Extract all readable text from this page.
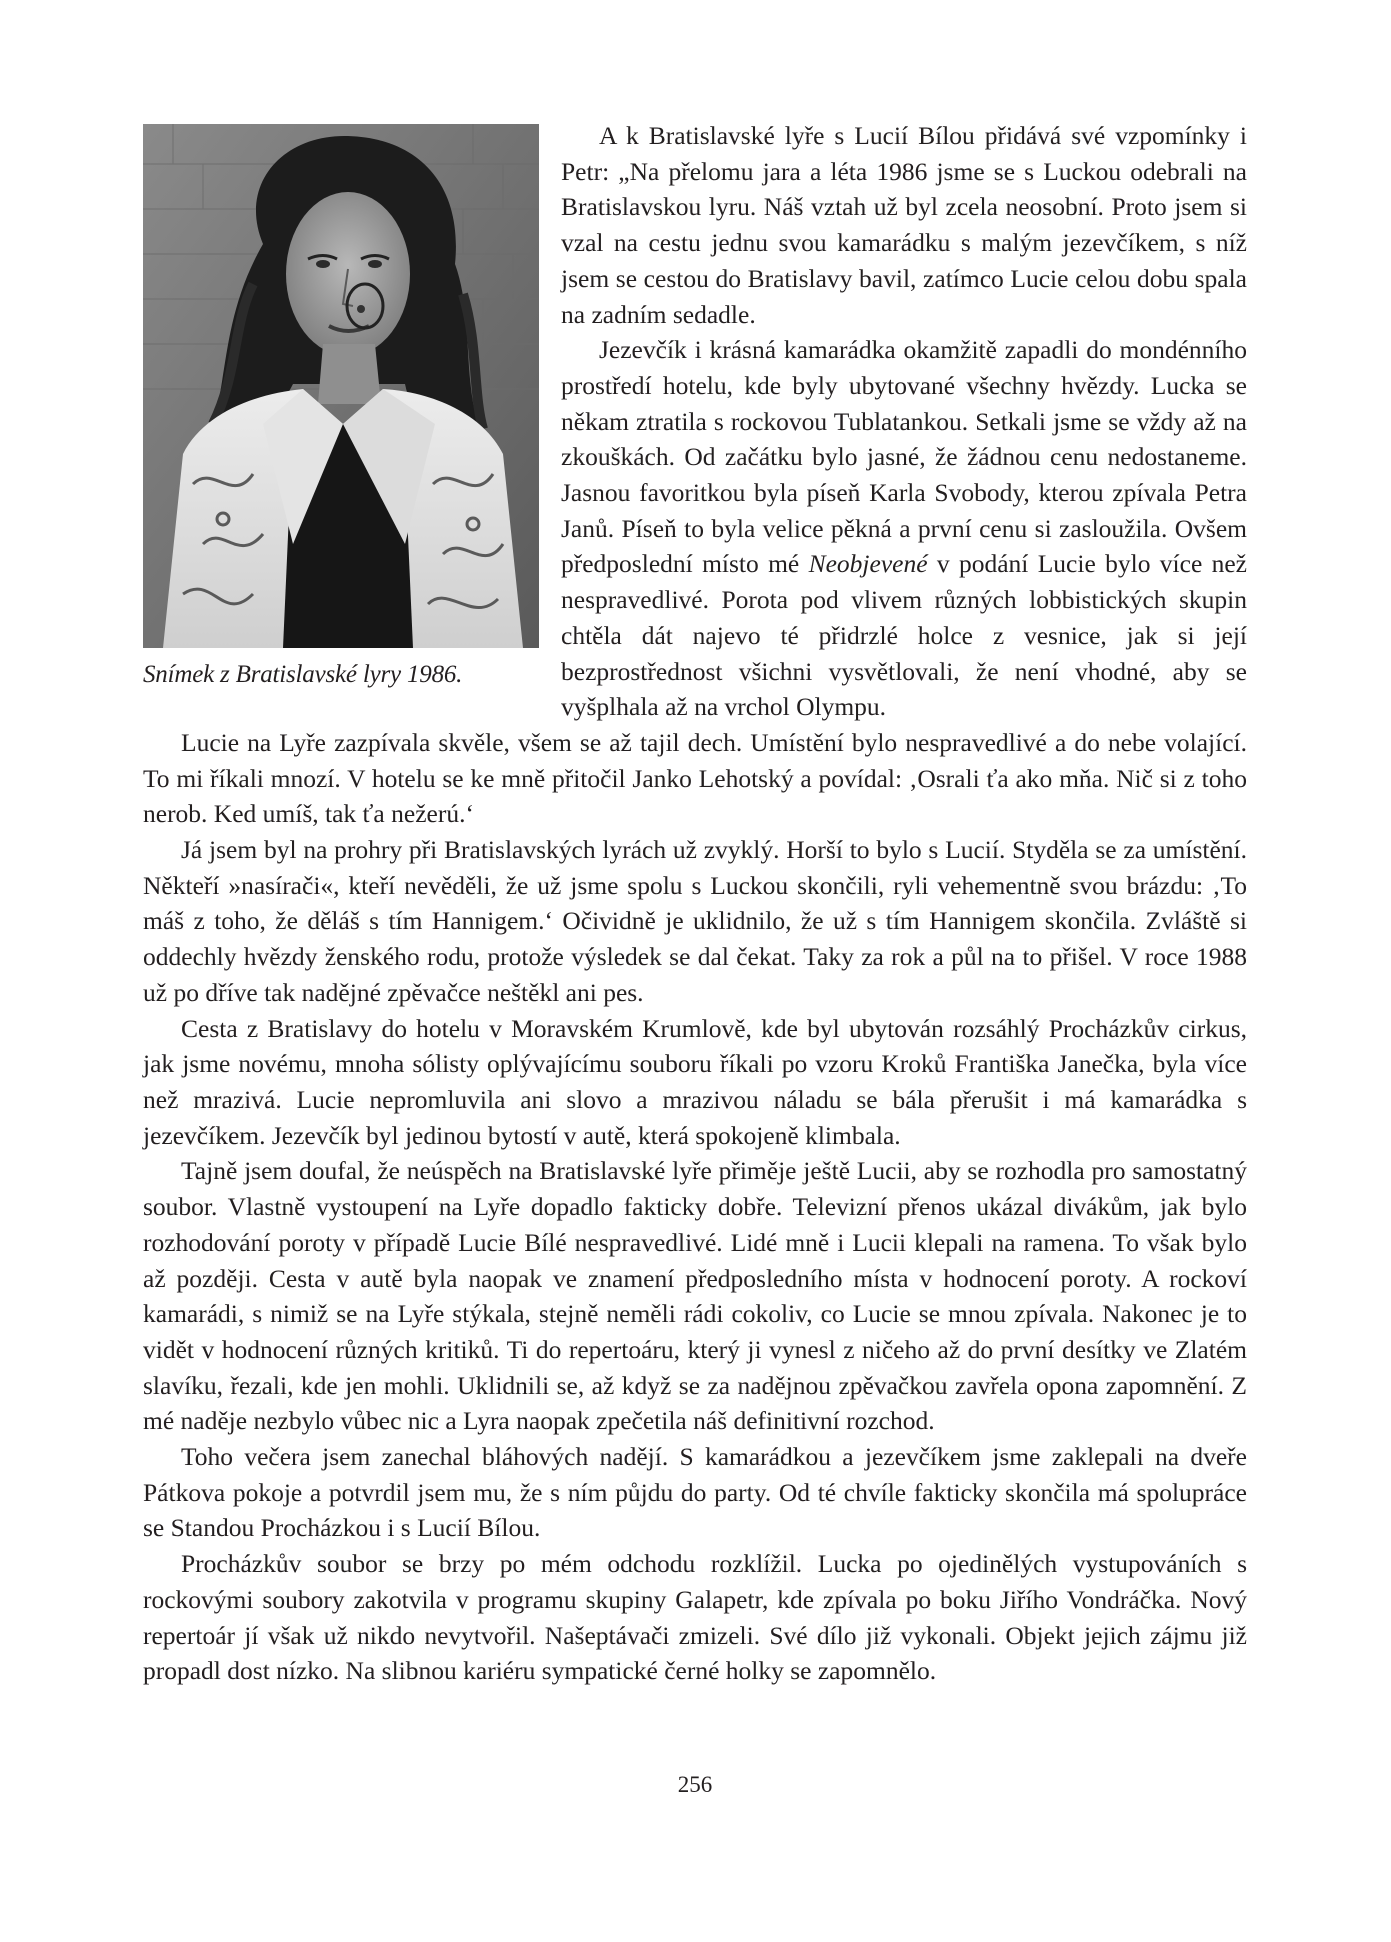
Snímek z Bratislavské lyry 1986.

A k Bratislavské lyře s Lucií Bílou přidává své vzpomínky i Petr: „Na přelomu jara a léta 1986 jsme se s Luckou odebrali na Bratislavskou lyru. Náš vztah už byl zcela neosobní. Proto jsem si vzal na cestu jednu svou kamarádku s malým jezevčíkem, s níž jsem se cestou do Bratislavy bavil, zatímco Lucie celou dobu spala na zadním sedadle.

Jezevčík i krásná kamarádka okamžitě zapadli do mondénního prostředí hotelu, kde byly ubytované všechny hvězdy. Lucka se někam ztratila s rockovou Tublatankou. Setkali jsme se vždy až na zkouškách. Od začátku bylo jasné, že žádnou cenu nedostaneme. Jasnou favoritkou byla píseň Karla Svobody, kterou zpívala Petra Janů. Píseň to byla velice pěkná a první cenu si zasloužila. Ovšem předposlední místo mé Neobjevené v podání Lucie bylo více než nespravedlivé. Porota pod vlivem různých lobbistických skupin chtěla dát najevo té přidrzlé holce z vesnice, jak si její bezprostřednost všichni vysvětlovali, že není vhodné, aby se vyšplhala až na vrchol Olympu.

Lucie na Lyře zazpívala skvěle, všem se až tajil dech. Umístění bylo nespravedlivé a do nebe volající. To mi říkali mnozí. V hotelu se ke mně přitočil Janko Lehotský a povídal: ‚Osrali ťa ako mňa. Nič si z toho nerob. Ked umíš, tak ťa nežerú.‘

Já jsem byl na prohry při Bratislavských lyrách už zvyklý. Horší to bylo s Lucií. Styděla se za umístění. Někteří »nasírači«, kteří nevěděli, že už jsme spolu s Luckou skončili, ryli vehementně svou brázdu: ‚To máš z toho, že děláš s tím Hannigem.‘ Očividně je uklidnilo, že už s tím Hannigem skončila. Zvláště si oddechly hvězdy ženského rodu, protože výsledek se dal čekat. Taky za rok a půl na to přišel. V roce 1988 už po dříve tak nadějné zpěvačce neštěkl ani pes.

Cesta z Bratislavy do hotelu v Moravském Krumlově, kde byl ubytován rozsáhlý Procházkův cirkus, jak jsme novému, mnoha sólisty oplývajícímu souboru říkali po vzoru Kroků Františka Janečka, byla více než mrazivá. Lucie nepromluvila ani slovo a mrazivou náladu se bála přerušit i má kamarádka s jezevčíkem. Jezevčík byl jedinou bytostí v autě, která spokojeně klimbala.

Tajně jsem doufal, že neúspěch na Bratislavské lyře přiměje ještě Lucii, aby se rozhodla pro samostatný soubor. Vlastně vystoupení na Lyře dopadlo fakticky dobře. Televizní přenos ukázal divákům, jak bylo rozhodování poroty v případě Lucie Bílé nespravedlivé. Lidé mně i Lucii klepali na ramena. To však bylo až později. Cesta v autě byla naopak ve znamení předposledního místa v hodnocení poroty. A rockoví kamarádi, s nimiž se na Lyře stýkala, stejně neměli rádi cokoliv, co Lucie se mnou zpívala. Nakonec je to vidět v hodnocení různých kritiků. Ti do repertoáru, který ji vynesl z ničeho až do první desítky ve Zlatém slavíku, řezali, kde jen mohli. Uklidnili se, až když se za nadějnou zpěvačkou zavřela opona zapomnění. Z mé naděje nezbylo vůbec nic a Lyra naopak zpečetila náš definitivní rozchod.

Toho večera jsem zanechal bláhových nadějí. S kamarádkou a jezevčíkem jsme zaklepali na dveře Pátkova pokoje a potvrdil jsem mu, že s ním půjdu do party. Od té chvíle fakticky skončila má spolupráce se Standou Procházkou i s Lucií Bílou.

Procházkův soubor se brzy po mém odchodu rozklížil. Lucka po ojedinělých vystupováních s rockovými soubory zakotvila v programu skupiny Galapetr, kde zpívala po boku Jiřího Vondráčka. Nový repertoár jí však už nikdo nevytvořil. Našeptávači zmizeli. Své dílo již vykonali. Objekt jejich zájmu již propadl dost nízko. Na slibnou kariéru sympatické černé holky se zapomnělo.

256
